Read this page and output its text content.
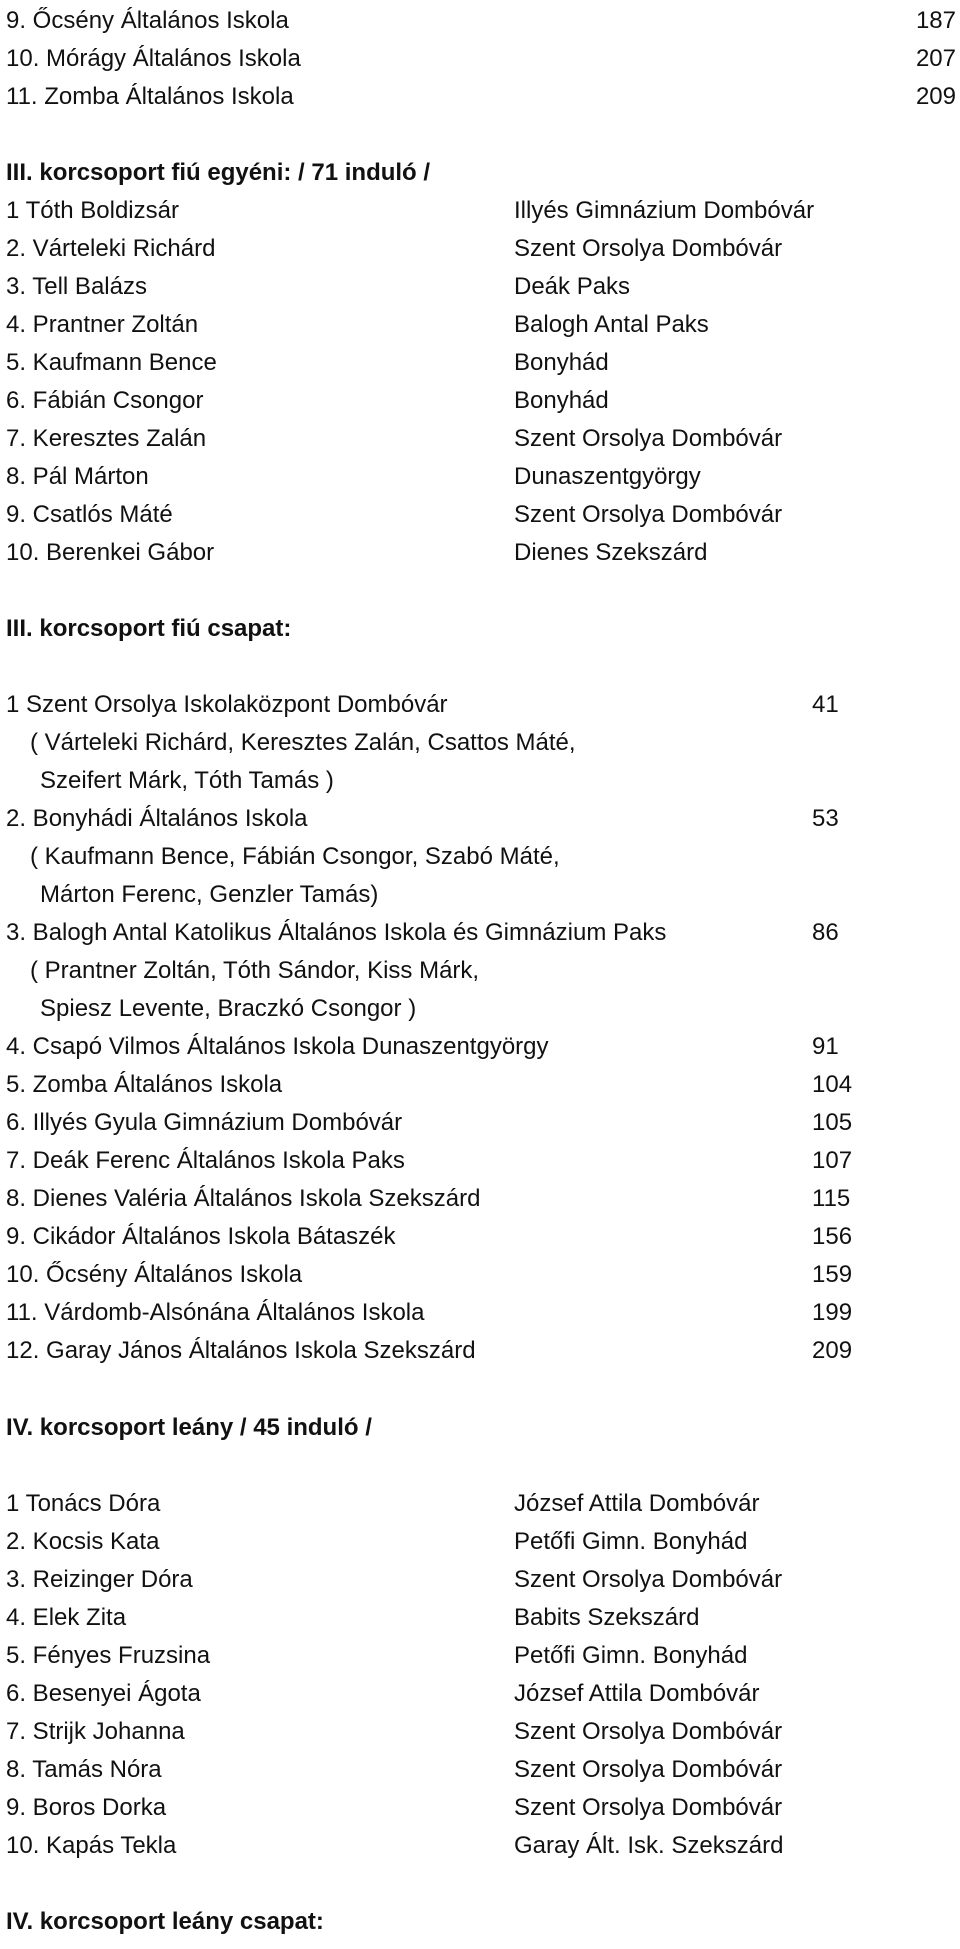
9. Őcsény Általános Iskola	187
10. Mórágy Általános Iskola	207
11. Zomba Általános Iskola	209
III. korcsoport fiú egyéni: / 71 induló /
1 Tóth Boldizsár	Illyés Gimnázium Dombóvár
2. Várteleki Richárd	Szent Orsolya Dombóvár
3. Tell Balázs	Deák Paks
4. Prantner Zoltán	Balogh Antal Paks
5. Kaufmann Bence	Bonyhád
6. Fábián Csongor	Bonyhád
7. Keresztes Zalán	Szent Orsolya Dombóvár
8. Pál Márton	Dunaszentgyörgy
9. Csatlós Máté	Szent Orsolya Dombóvár
10. Berenkei Gábor	Dienes Szekszárd
III. korcsoport fiú csapat:
1 Szent Orsolya Iskolaközpont Dombóvár	41
( Várteleki Richárd, Keresztes Zalán, Csattos Máté,
Szeifert Márk, Tóth Tamás )
2. Bonyhádi Általános Iskola	53
( Kaufmann Bence, Fábián Csongor, Szabó Máté,
Márton Ferenc, Genzler Tamás)
3. Balogh Antal Katolikus Általános Iskola és Gimnázium Paks	86
( Prantner Zoltán, Tóth Sándor, Kiss Márk,
Spiesz Levente, Braczkó Csongor )
4. Csapó Vilmos Általános Iskola Dunaszentgyörgy	91
5. Zomba Általános Iskola	104
6. Illyés Gyula Gimnázium Dombóvár	105
7. Deák Ferenc Általános Iskola Paks	107
8. Dienes Valéria Általános Iskola Szekszárd	115
9. Cikádor Általános Iskola Bátaszék	156
10. Őcsény Általános Iskola	159
11. Várdomb-Alsónána Általános Iskola	199
12. Garay János Általános Iskola Szekszárd	209
IV. korcsoport leány / 45 induló /
1 Tonács Dóra	József Attila Dombóvár
2. Kocsis Kata	Petőfi Gimn. Bonyhád
3. Reizinger Dóra	Szent Orsolya Dombóvár
4. Elek Zita	Babits Szekszárd
5. Fényes Fruzsina	Petőfi Gimn. Bonyhád
6. Besenyei Ágota	József Attila Dombóvár
7. Strijk Johanna	Szent Orsolya Dombóvár
8. Tamás Nóra	Szent Orsolya Dombóvár
9. Boros Dorka	Szent Orsolya Dombóvár
10. Kapás Tekla	Garay Ált. Isk. Szekszárd
IV. korcsoport leány csapat:
